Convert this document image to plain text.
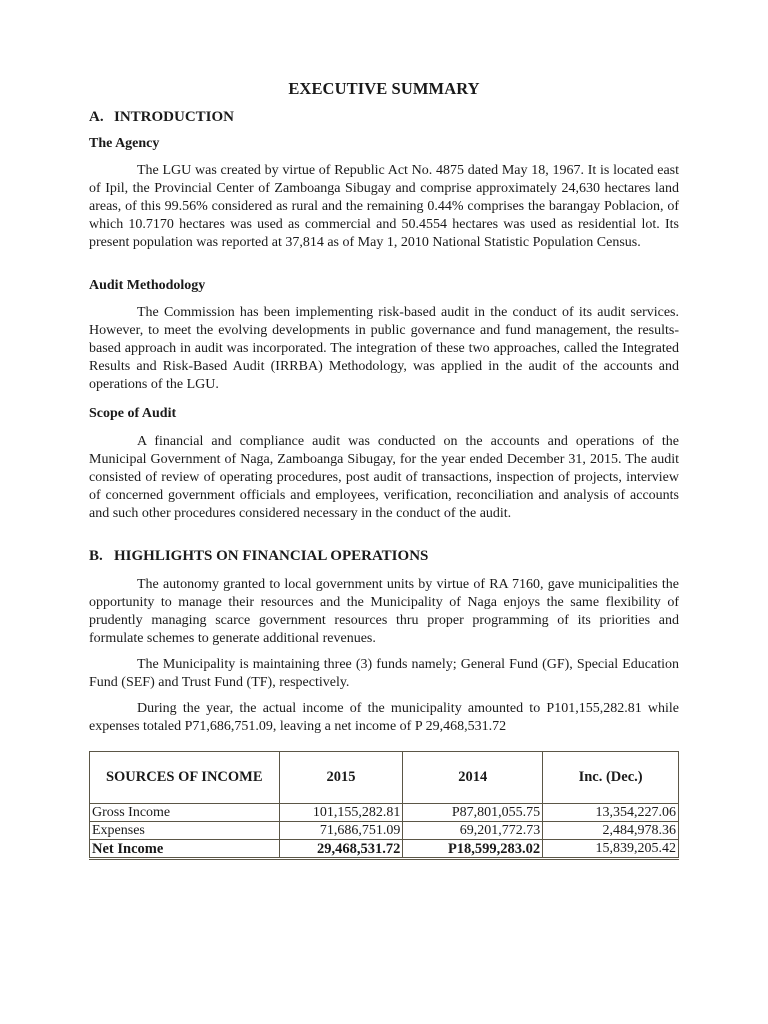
EXECUTIVE SUMMARY
A. INTRODUCTION
The Agency

The LGU was created by virtue of Republic Act No. 4875 dated May 18, 1967. It is located east of Ipil, the Provincial Center of Zamboanga Sibugay and comprise approximately 24,630 hectares land areas, of this 99.56% considered as rural and the remaining 0.44% comprises the barangay Poblacion, of which 10.7170 hectares was used as commercial and 50.4554 hectares was used as residential lot. Its present population was reported at 37,814 as of May 1, 2010 National Statistic Population Census.

Audit Methodology

The Commission has been implementing risk-based audit in the conduct of its audit services. However, to meet the evolving developments in public governance and fund management, the results-based approach in audit was incorporated. The integration of these two approaches, called the Integrated Results and Risk-Based Audit (IRRBA) Methodology, was applied in the audit of the accounts and operations of the LGU.

Scope of Audit

A financial and compliance audit was conducted on the accounts and operations of the Municipal Government of Naga, Zamboanga Sibugay, for the year ended December 31, 2015. The audit consisted of review of operating procedures, post audit of transactions, inspection of projects, interview of concerned government officials and employees, verification, reconciliation and analysis of accounts and such other procedures considered necessary in the conduct of the audit.

B. HIGHLIGHTS ON FINANCIAL OPERATIONS

The autonomy granted to local government units by virtue of RA 7160, gave municipalities the opportunity to manage their resources and the Municipality of Naga enjoys the same flexibility of prudently managing scarce government resources thru proper programming of its priorities and formulate schemes to generate additional revenues.

The Municipality is maintaining three (3) funds namely; General Fund (GF), Special Education Fund (SEF) and Trust Fund (TF), respectively.

During the year, the actual income of the municipality amounted to P101,155,282.81 while expenses totaled P71,686,751.09, leaving a net income of P 29,468,531.72

SOURCES OF INCOME	2015	2014	Inc. (Dec.)
Gross Income	101,155,282.81	P87,801,055.75	13,354,227.06
Expenses	71,686,751.09	69,201,772.73	2,484,978.36
Net Income	29,468,531.72	P18,599,283.02	15,839,205.42
